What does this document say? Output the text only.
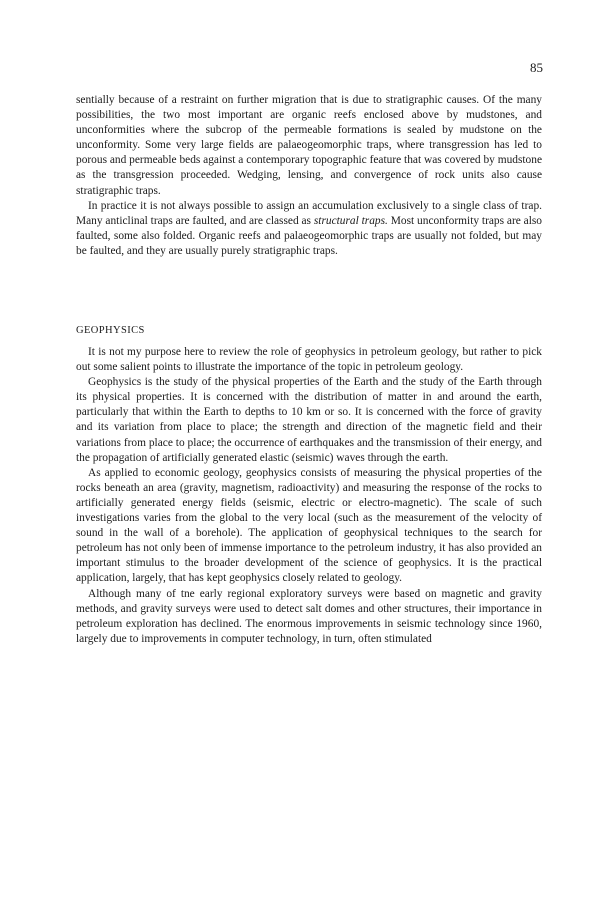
85

sentially because of a restraint on further migration that is due to stratigraphic causes. Of the many possibilities, the two most important are organic reefs enclosed above by mudstones, and unconformities where the subcrop of the permeable formations is sealed by mudstone on the unconformity. Some very large fields are palaeogeomorphic traps, where transgression has led to porous and permeable beds against a contemporary topographic feature that was covered by mudstone as the transgression proceeded. Wedging, lensing, and convergence of rock units also cause stratigraphic traps.

In practice it is not always possible to assign an accumulation exclusively to a single class of trap. Many anticlinal traps are faulted, and are classed as structural traps. Most unconformity traps are also faulted, some also folded. Organic reefs and palaeogeomorphic traps are usually not folded, but may be faulted, and they are usually purely stratigraphic traps.

GEOPHYSICS

It is not my purpose here to review the role of geophysics in petroleum geology, but rather to pick out some salient points to illustrate the importance of the topic in petroleum geology.

Geophysics is the study of the physical properties of the Earth and the study of the Earth through its physical properties. It is concerned with the distribution of matter in and around the earth, particularly that within the Earth to depths to 10 km or so. It is concerned with the force of gravity and its variation from place to place; the strength and direction of the magnetic field and their variations from place to place; the occurrence of earthquakes and the transmission of their energy, and the propagation of artificially generated elastic (seismic) waves through the earth.

As applied to economic geology, geophysics consists of measuring the physical properties of the rocks beneath an area (gravity, magnetism, radioactivity) and measuring the response of the rocks to artificially generated energy fields (seismic, electric or electro-magnetic). The scale of such investigations varies from the global to the very local (such as the measurement of the velocity of sound in the wall of a borehole). The application of geophysical techniques to the search for petroleum has not only been of immense importance to the petroleum industry, it has also provided an important stimulus to the broader development of the science of geophysics. It is the practical application, largely, that has kept geophysics closely related to geology.

Although many of tne early regional exploratory surveys were based on magnetic and gravity methods, and gravity surveys were used to detect salt domes and other structures, their importance in petroleum exploration has declined. The enormous improvements in seismic technology since 1960, largely due to improvements in computer technology, in turn, often stimulated
